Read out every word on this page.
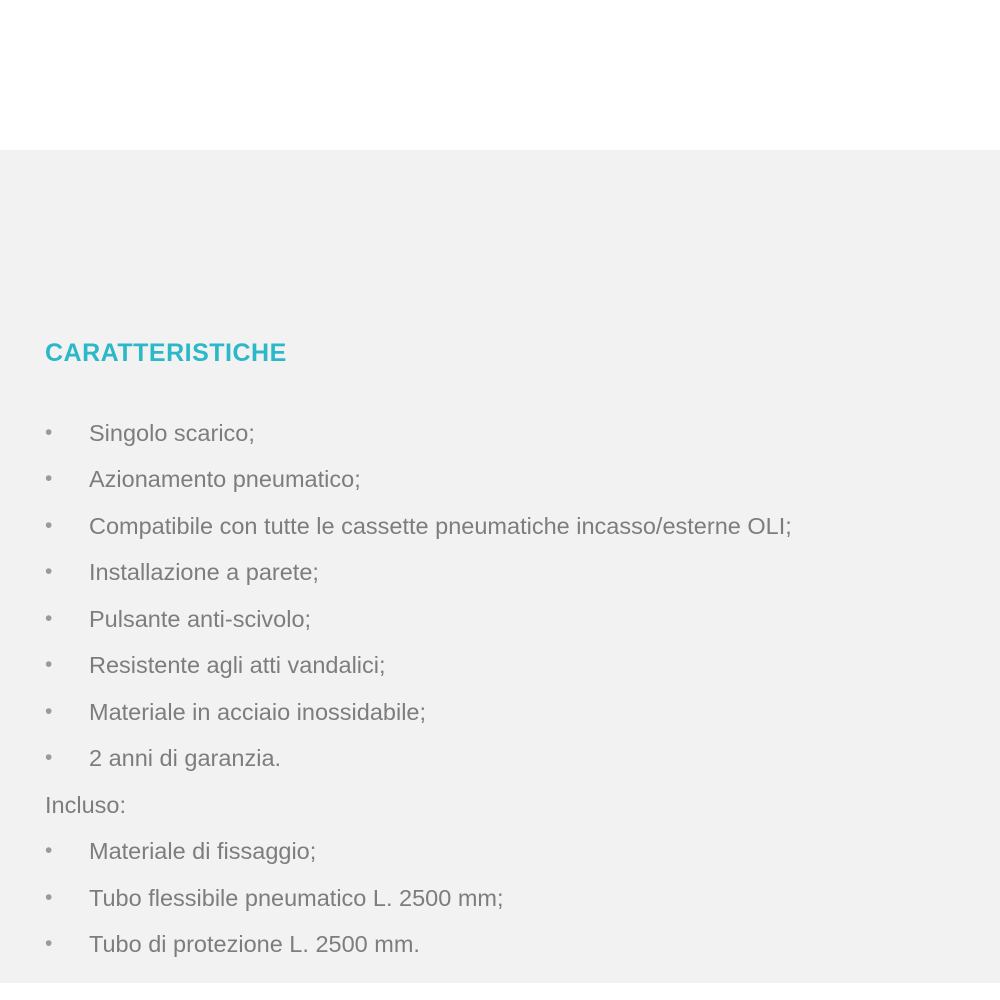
CARATTERISTICHE
• Singolo scarico;
• Azionamento pneumatico;
• Compatibile con tutte le cassette pneumatiche incasso/esterne OLI;
• Installazione a parete;
• Pulsante anti-scivolo;
• Resistente agli atti vandalici;
• Materiale in acciaio inossidabile;
• 2 anni di garanzia.
Incluso:
• Materiale di fissaggio;
• Tubo flessibile pneumatico L. 2500 mm;
• Tubo di protezione L. 2500 mm.
